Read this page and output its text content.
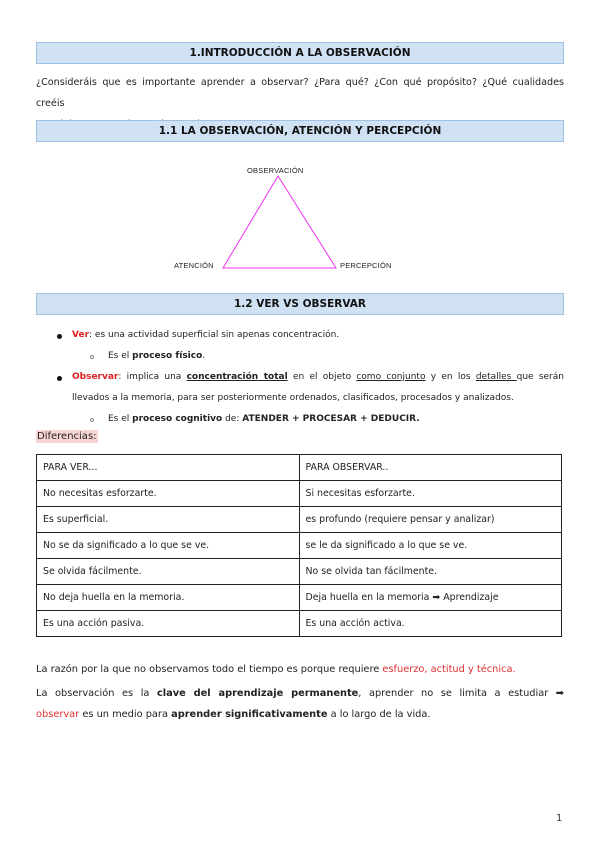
1.INTRODUCCIÓN A LA OBSERVACIÓN
¿Consideráis que es importante aprender a observar? ¿Para qué? ¿Con qué propósito? ¿Qué cualidades creéis
1.1 LA OBSERVACIÓN, ATENCIÓN Y PERCEPCIÓN
OBSERVACIÓN
ATENCIÓN	PERCEPCIÓN
1.2 VER VS OBSERVAR
Ver: es una actividad superficial sin apenas concentración.
Es el proceso físico.
Observar: implica una concentración total en el objeto como conjunto y en los detalles que serán
llevados a la memoria, para ser posteriormente ordenados, clasificados, procesados y analizados.
Es el proceso cognitivo de: ATENDER + PROCESAR + DEDUCIR.
Diferencias:
PARA VER...	PARA OBSERVAR..
No necesitas esforzarte.	Si necesitas esforzarte.
Es superficial.	es profundo (requiere pensar y analizar)
No se da significado a lo que se ve.	se le da significado a lo que se ve.
Se olvida fácilmente.	No se olvida tan fácilmente.
No deja huella en la memoria.	Deja huella en la memoria ➡ Aprendizaje
Es una acción pasiva.	Es una acción activa.
La razón por la que no observamos todo el tiempo es porque requiere esfuerzo, actitud y técnica.
La observación es la clave del aprendizaje permanente, aprender no se limita a estudiar ➡
observar es un medio para aprender significativamente a lo largo de la vida.
1
